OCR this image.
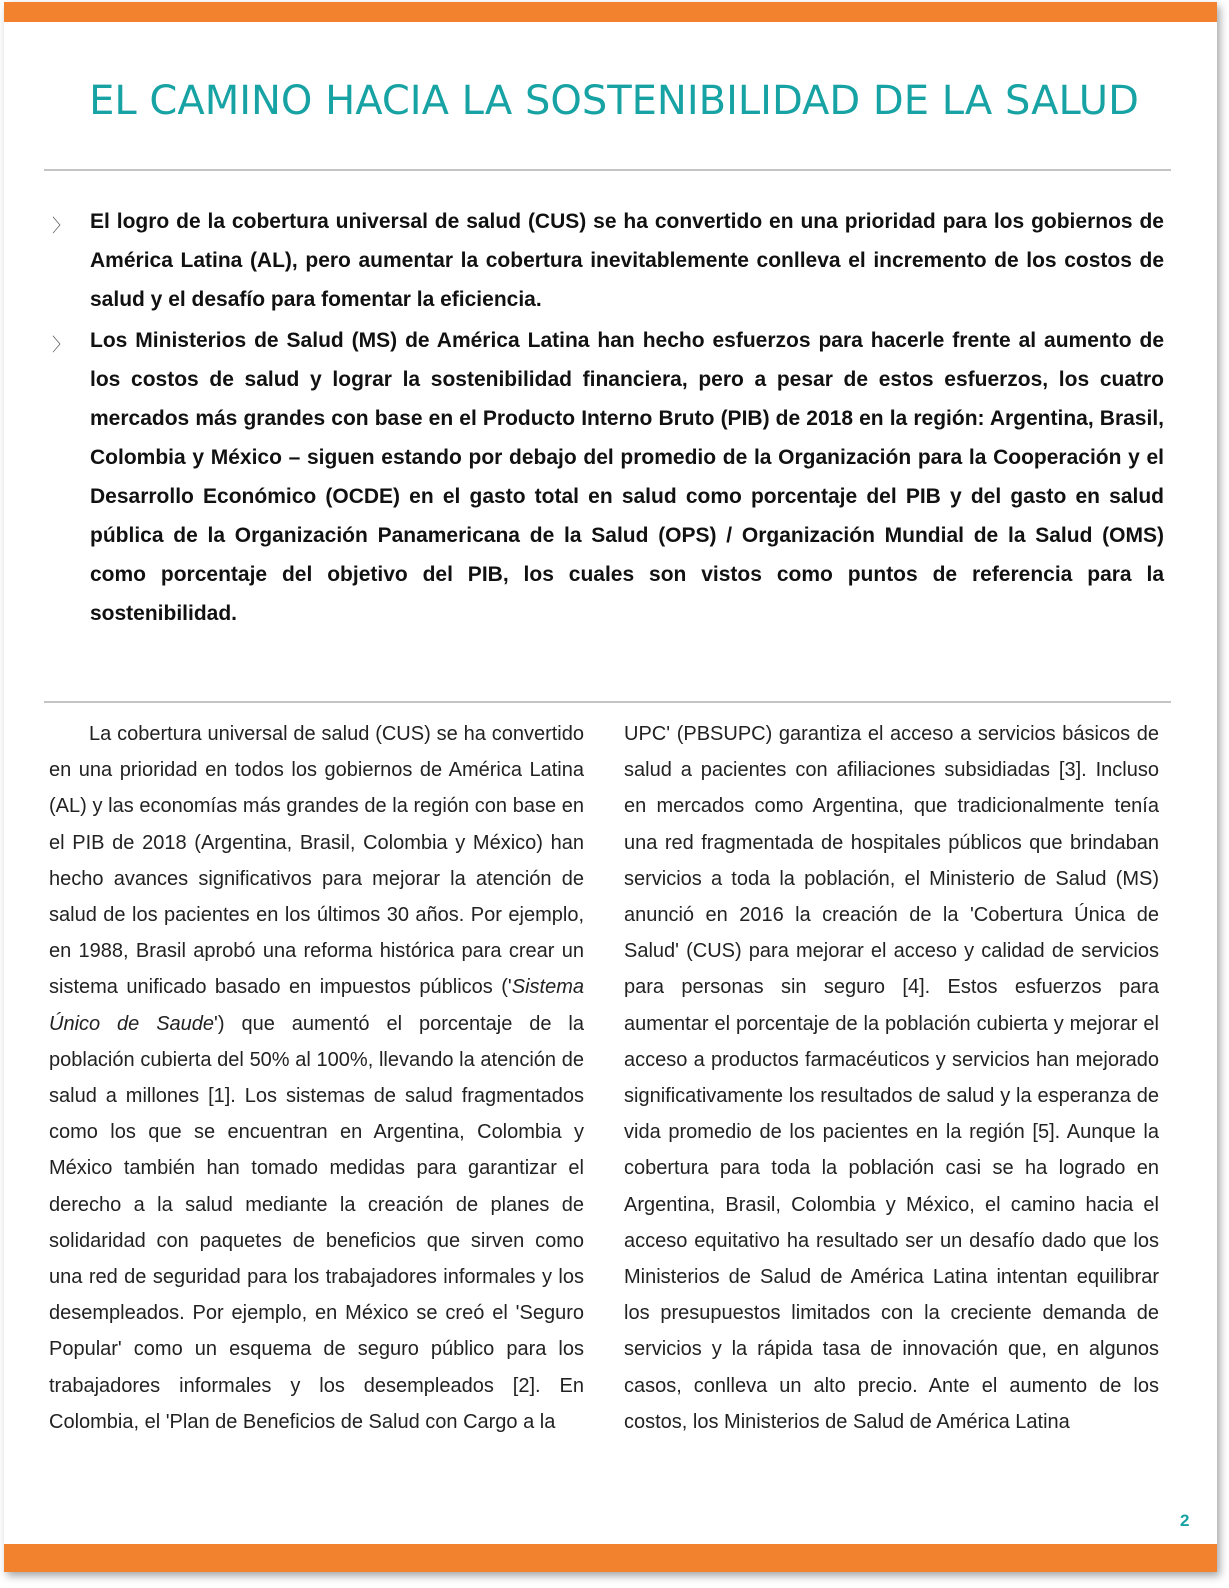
EL CAMINO HACIA LA SOSTENIBILIDAD DE LA SALUD
〉 El logro de la cobertura universal de salud (CUS) se ha convertido en una prioridad para los gobiernos de América Latina (AL), pero aumentar la cobertura inevitablemente conlleva el incremento de los costos de salud y el desafío para fomentar la eficiencia.

〉 Los Ministerios de Salud (MS) de América Latina han hecho esfuerzos para hacerle frente al aumento de los costos de salud y lograr la sostenibilidad financiera, pero a pesar de estos esfuerzos, los cuatro mercados más grandes con base en el Producto Interno Bruto (PIB) de 2018 en la región: Argentina, Brasil, Colombia y México – siguen estando por debajo del promedio de la Organización para la Cooperación y el Desarrollo Económico (OCDE) en el gasto total en salud como porcentaje del PIB y del gasto en salud pública de la Organización Panamericana de la Salud (OPS) / Organización Mundial de la Salud (OMS) como porcentaje del objetivo del PIB, los cuales son vistos como puntos de referencia para la sostenibilidad.

La cobertura universal de salud (CUS) se ha convertido en una prioridad en todos los gobiernos de América Latina (AL) y las economías más grandes de la región con base en el PIB de 2018 (Argentina, Brasil, Colombia y México) han hecho avances significativos para mejorar la atención de salud de los pacientes en los últimos 30 años. Por ejemplo, en 1988, Brasil aprobó una reforma histórica para crear un sistema unificado basado en impuestos públicos ('Sistema Único de Saude') que aumentó el porcentaje de la población cubierta del 50% al 100%, llevando la atención de salud a millones [1]. Los sistemas de salud fragmentados como los que se encuentran en Argentina, Colombia y México también han tomado medidas para garantizar el derecho a la salud mediante la creación de planes de solidaridad con paquetes de beneficios que sirven como una red de seguridad para los trabajadores informales y los desempleados. Por ejemplo, en México se creó el 'Seguro Popular' como un esquema de seguro público para los trabajadores informales y los desempleados [2]. En Colombia, el 'Plan de Beneficios de Salud con Cargo a la

UPC' (PBSUPC) garantiza el acceso a servicios básicos de salud a pacientes con afiliaciones subsidiadas [3]. Incluso en mercados como Argentina, que tradicionalmente tenía una red fragmentada de hospitales públicos que brindaban servicios a toda la población, el Ministerio de Salud (MS) anunció en 2016 la creación de la 'Cobertura Única de Salud' (CUS) para mejorar el acceso y calidad de servicios para personas sin seguro [4]. Estos esfuerzos para aumentar el porcentaje de la población cubierta y mejorar el acceso a productos farmacéuticos y servicios han mejorado significativamente los resultados de salud y la esperanza de vida promedio de los pacientes en la región [5]. Aunque la cobertura para toda la población casi se ha logrado en Argentina, Brasil, Colombia y México, el camino hacia el acceso equitativo ha resultado ser un desafío dado que los Ministerios de Salud de América Latina intentan equilibrar los presupuestos limitados con la creciente demanda de servicios y la rápida tasa de innovación que, en algunos casos, conlleva un alto precio. Ante el aumento de los costos, los Ministerios de Salud de América Latina

2
